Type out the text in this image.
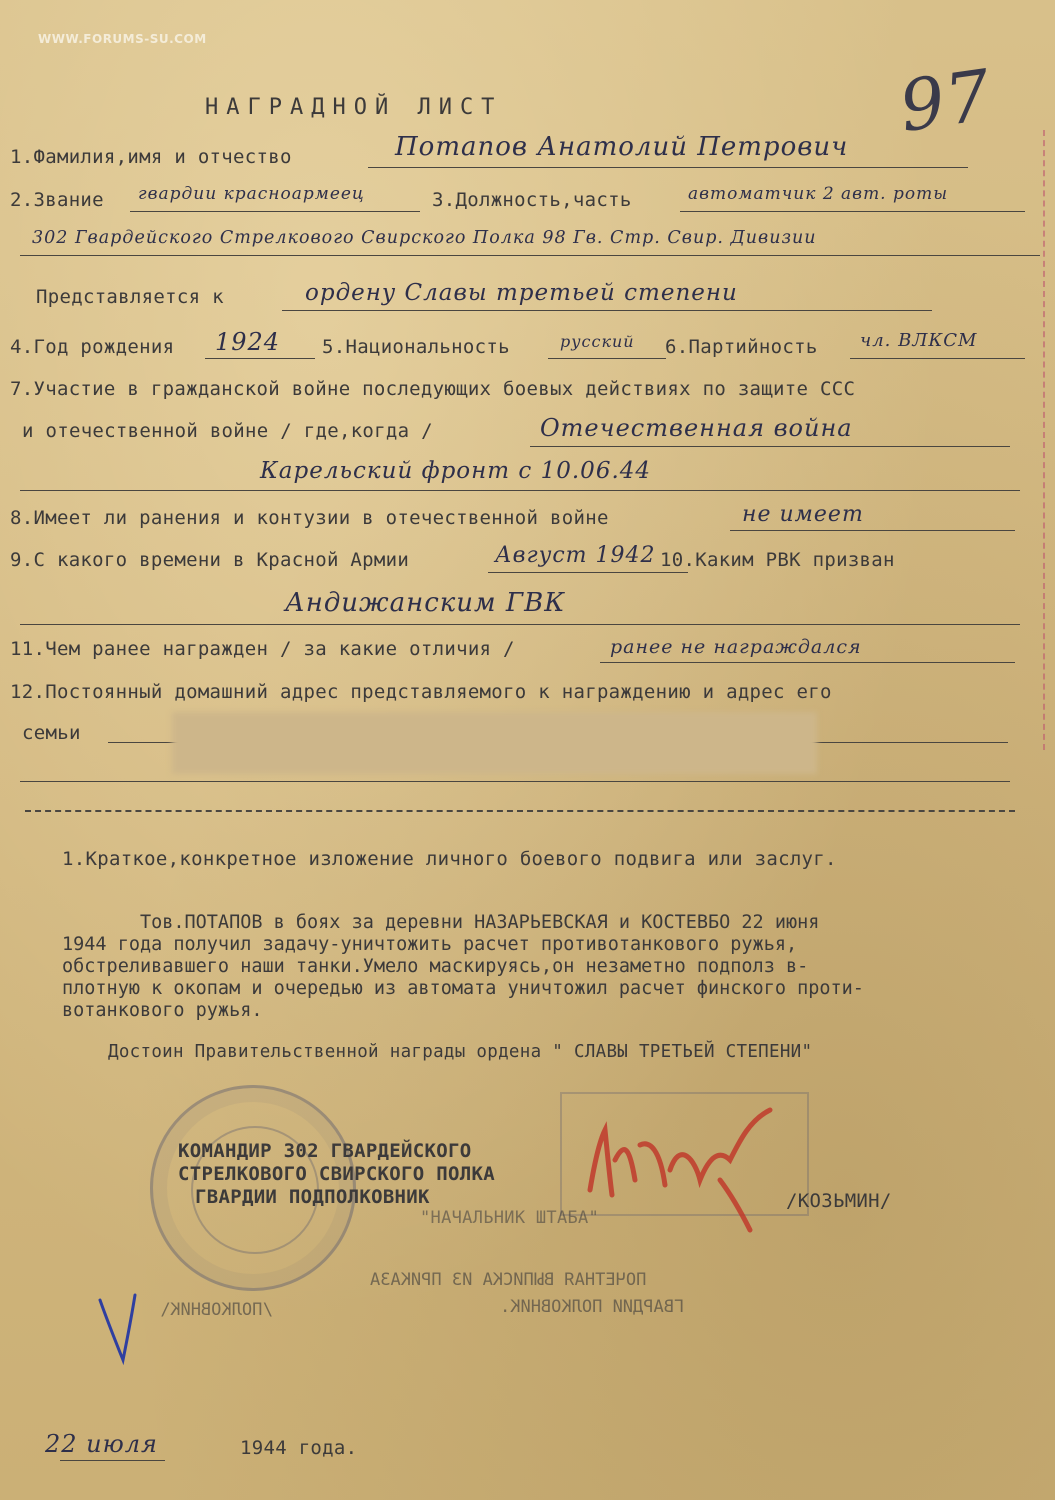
WWW.FORUMS-SU.COM
97
НАГРАДНОЙ ЛИСТ
1.Фамилия,имя и отчество	Потапов Анатолий Петрович
2.Звание гвардии красноармеец	3.Должность,часть	автоматчик 2 авт. роты
302 Гвардейского Стрелкового Свирского Полка 98 Гв. Стр. Свир. Дивизии
Представляется к	ордену Славы третьей степени
4.Год рождения 1924 5.Национальность	русский 6.Партийность чл. ВЛКСМ
7.Участие в гражданской войне последующих боевых действиях по защите ССС
и отечественной войне / где,когда /	Отечественная война
Карельский фронт с 10.06.44
8.Имеет ли ранения и контузии в отечественной войне	не имеет
9.С какого времени в Красной Армии	Август 1942 10.Каким РВК призван
Андижанским ГВК
11.Чем ранее награжден / за какие отличия /	ранее не награждался
12.Постоянный домашний адрес представляемого к награждению и адрес его
семьи
1.Краткое,конкретное изложение личного боевого подвига или заслуг.
Тов.ПОТАПОВ в боях за деревни НАЗАРЬЕВСКАЯ и КОСТЕВБО 22 июня
1944 года получил задачу-уничтожить расчет противотанкового ружья,
обстреливавшего наши танки.Умело маскируясь,он незаметно подполз в-
плотную к окопам и очередью из автомата уничтожил расчет финского проти-
вотанкового ружья.
Достоин Правительственной награды ордена " СЛАВЫ ТРЕТЬЕЙ СТЕПЕНИ"
КОМАНДИР 302 ГВАРДЕЙСКОГО
СТРЕЛКОВОГО СВИРСКОГО ПОЛКА
ГВАРДИИ ПОДПОЛКОВНИК	/КОЗЬМИН/
"НАЧАЛЬНИК ШТАБА"
/ПОЛКОВНИК\
ПОЧЕТНАЯ ВЫПИСКА ИЗ ПРИКАЗА
ГВАРДИИ ПОЛКОВНИК.
22 июля	1944 года.
